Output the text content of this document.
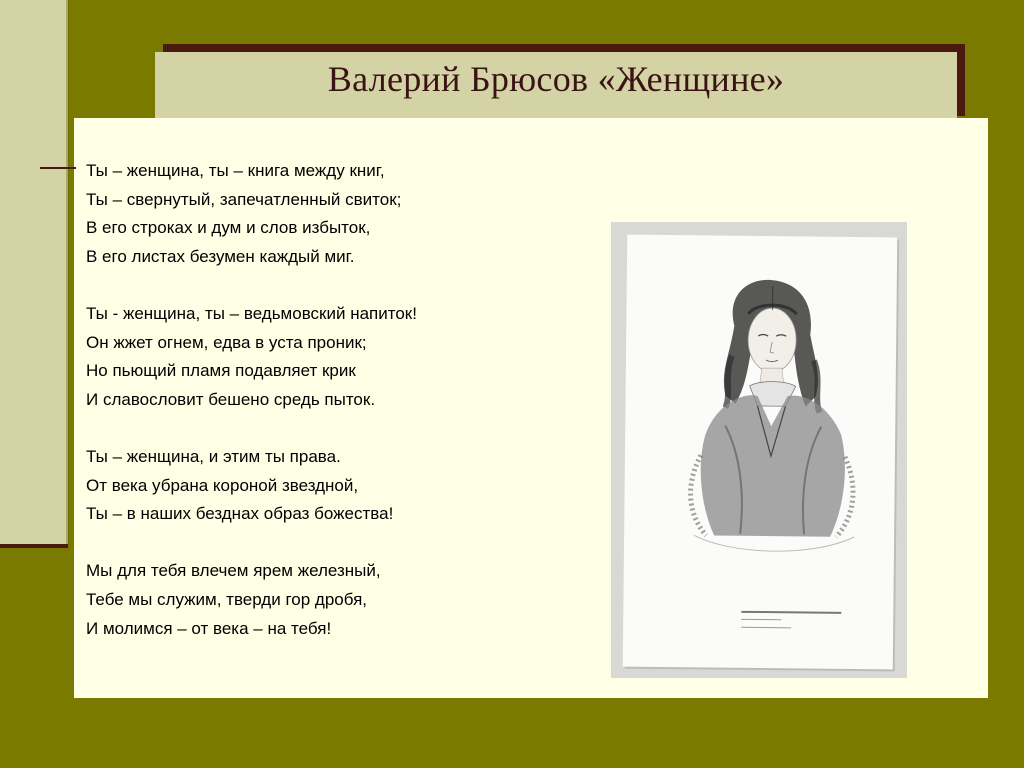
Валерий Брюсов «Женщине»
Ты – женщина, ты – книга между книг,
Ты – свернутый, запечатленный свиток;
В его строках и дум и слов избыток,
В его листах безумен каждый миг.
Ты - женщина, ты – ведьмовский напиток!
Он жжет огнем, едва в уста проник;
Но пьющий пламя подавляет крик
И славословит бешено средь пыток.
Ты – женщина, и этим ты права.
От века убрана короной звездной,
Ты – в наших безднах образ божества!
Мы для тебя влечем ярем железный,
Тебе мы служим, тверди гор дробя,
И молимся – от века – на тебя!
